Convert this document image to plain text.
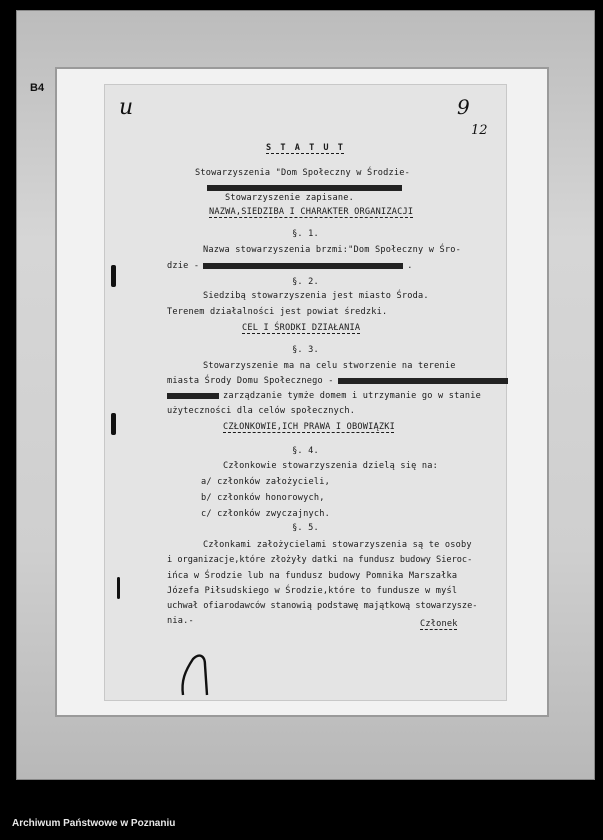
B4
u	9
12
S T A T U T
Stowarzyszenia "Dom Społeczny w Środzie-
Stowarzyszenie zapisane.
NAZWA,SIEDZIBA I CHARAKTER ORGANIZACJI
§. 1.
Nazwa stowarzyszenia brzmi:"Dom Społeczny w Śro-
dzie -	.
§. 2.
Siedzibą stowarzyszenia jest miasto Środa.
Terenem działalności jest powiat średzki.
CEL I ŚRODKI DZIAŁANIA
§. 3.
Stowarzyszenie ma na celu stworzenie na terenie
miasta Środy Domu Społecznego -
zarządzanie tymże domem i utrzymanie go w stanie
użyteczności dla celów społecznych.
CZŁONKOWIE,ICH PRAWA I OBOWIĄZKI
§. 4.
Członkowie stowarzyszenia dzielą się na:
a/ członków założycieli,
b/ członków honorowych,
c/ członków zwyczajnych.
§. 5.
Członkami założycielami stowarzyszenia są te osoby
i organizacje,które złożyły datki na fundusz budowy Sieroc-
ińca w Środzie lub na fundusz budowy Pomnika Marszałka
Józefa Piłsudskiego w Środzie,które to fundusze w myśl
uchwał ofiarodawców stanowią podstawę majątkową stowarzysze-
nia.-	Członek
Archiwum Państwowe w Poznaniu
